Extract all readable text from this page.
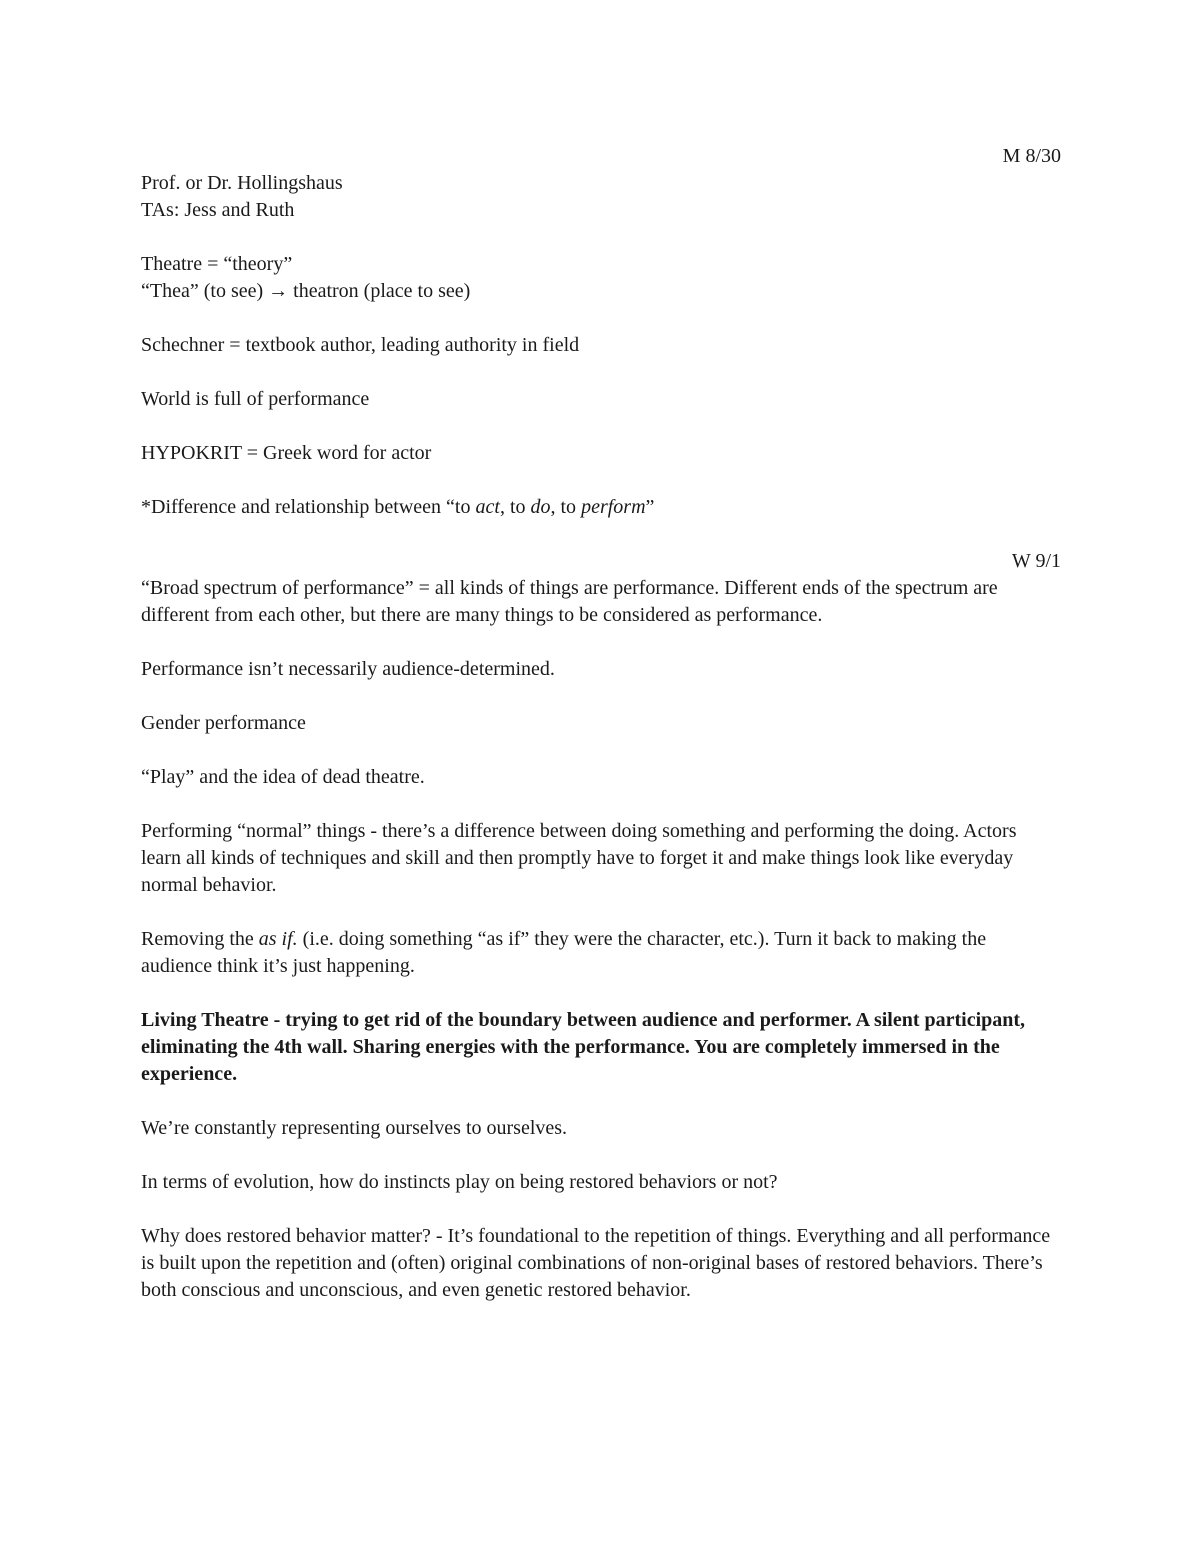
M 8/30

Prof. or Dr. Hollingshaus

TAs: Jess and Ruth

Theatre = “theory”

“Thea” (to see) → theatron (place to see)

Schechner = textbook author, leading authority in field

World is full of performance

HYPOKRIT = Greek word for actor

*Difference and relationship between “to act, to do, to perform”

W 9/1

“Broad spectrum of performance” = all kinds of things are performance. Different ends of the spectrum are different from each other, but there are many things to be considered as performance.

Performance isn’t necessarily audience-determined.

Gender performance

“Play” and the idea of dead theatre.

Performing “normal” things - there’s a difference between doing something and performing the doing. Actors learn all kinds of techniques and skill and then promptly have to forget it and make things look like everyday normal behavior.

Removing the as if. (i.e. doing something “as if” they were the character, etc.). Turn it back to making the audience think it’s just happening.

Living Theatre - trying to get rid of the boundary between audience and performer. A silent participant, eliminating the 4th wall. Sharing energies with the performance. You are completely immersed in the experience.

We’re constantly representing ourselves to ourselves.

In terms of evolution, how do instincts play on being restored behaviors or not?

Why does restored behavior matter? - It’s foundational to the repetition of things. Everything and all performance is built upon the repetition and (often) original combinations of non-original bases of restored behaviors. There’s both conscious and unconscious, and even genetic restored behavior.
